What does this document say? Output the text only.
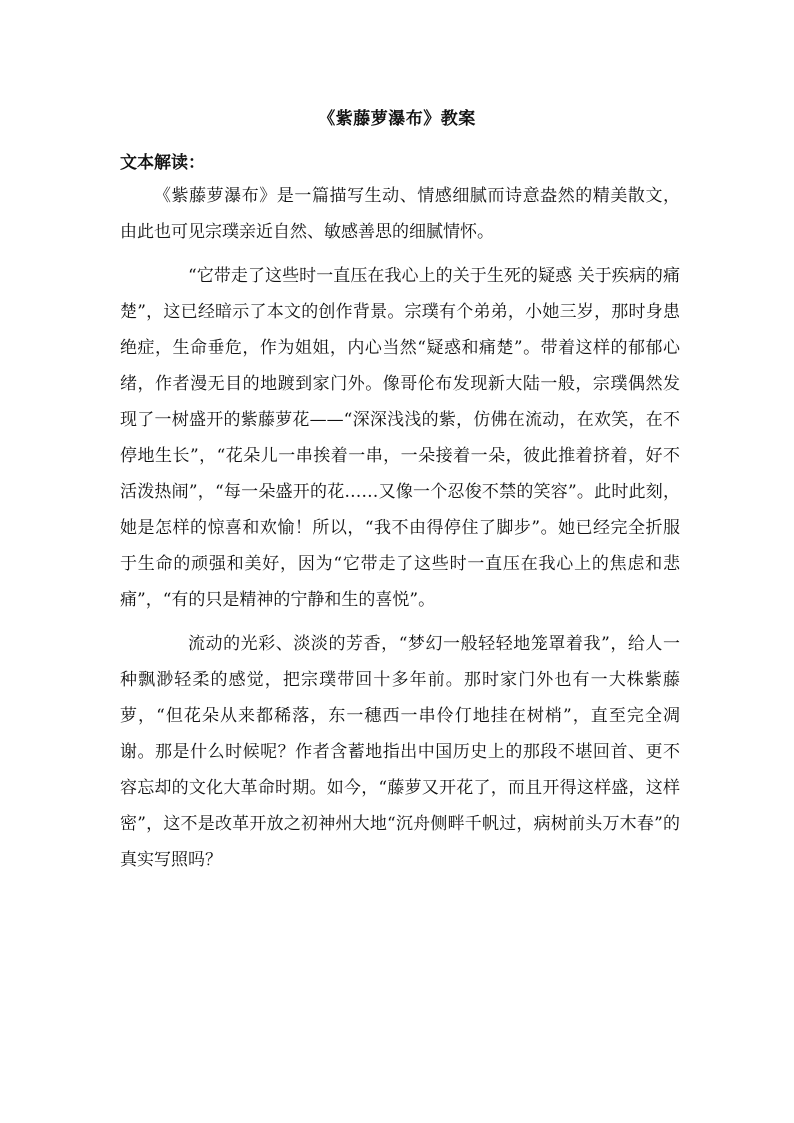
《紫藤萝瀑布》教案
文本解读：

《紫藤萝瀑布》是一篇描写生动、情感细腻而诗意盎然的精美散文，由此也可见宗璞亲近自然、敏感善思的细腻情怀。

“它带走了这些时一直压在我心上的关于生死的疑惑 关于疾病的痛楚”，这已经暗示了本文的创作背景。宗璞有个弟弟，小她三岁，那时身患绝症，生命垂危，作为姐姐，内心当然“疑惑和痛楚”。带着这样的郁郁心绪，作者漫无目的地踱到家门外。像哥伦布发现新大陆一般，宗璞偶然发现了一树盛开的紫藤萝花——“深深浅浅的紫，仿佛在流动，在欢笑，在不停地生长”，“花朵儿一串挨着一串，一朵接着一朵，彼此推着挤着，好不活泼热闹”，“每一朵盛开的花……又像一个忍俊不禁的笑容”。此时此刻，她是怎样的惊喜和欢愉！所以，“我不由得停住了脚步”。她已经完全折服于生命的顽强和美好，因为“它带走了这些时一直压在我心上的焦虑和悲痛”，“有的只是精神的宁静和生的喜悦”。

流动的光彩、淡淡的芳香，“梦幻一般轻轻地笼罩着我”，给人一种飘渺轻柔的感觉，把宗璞带回十多年前。那时家门外也有一大株紫藤萝，“但花朵从来都稀落，东一穗西一串伶仃地挂在树梢”，直至完全凋谢。那是什么时候呢？作者含蓄地指出中国历史上的那段不堪回首、更不容忘却的文化大革命时期。如今，“藤萝又开花了，而且开得这样盛，这样密”，这不是改革开放之初神州大地“沉舟侧畔千帆过，病树前头万木春”的真实写照吗？
